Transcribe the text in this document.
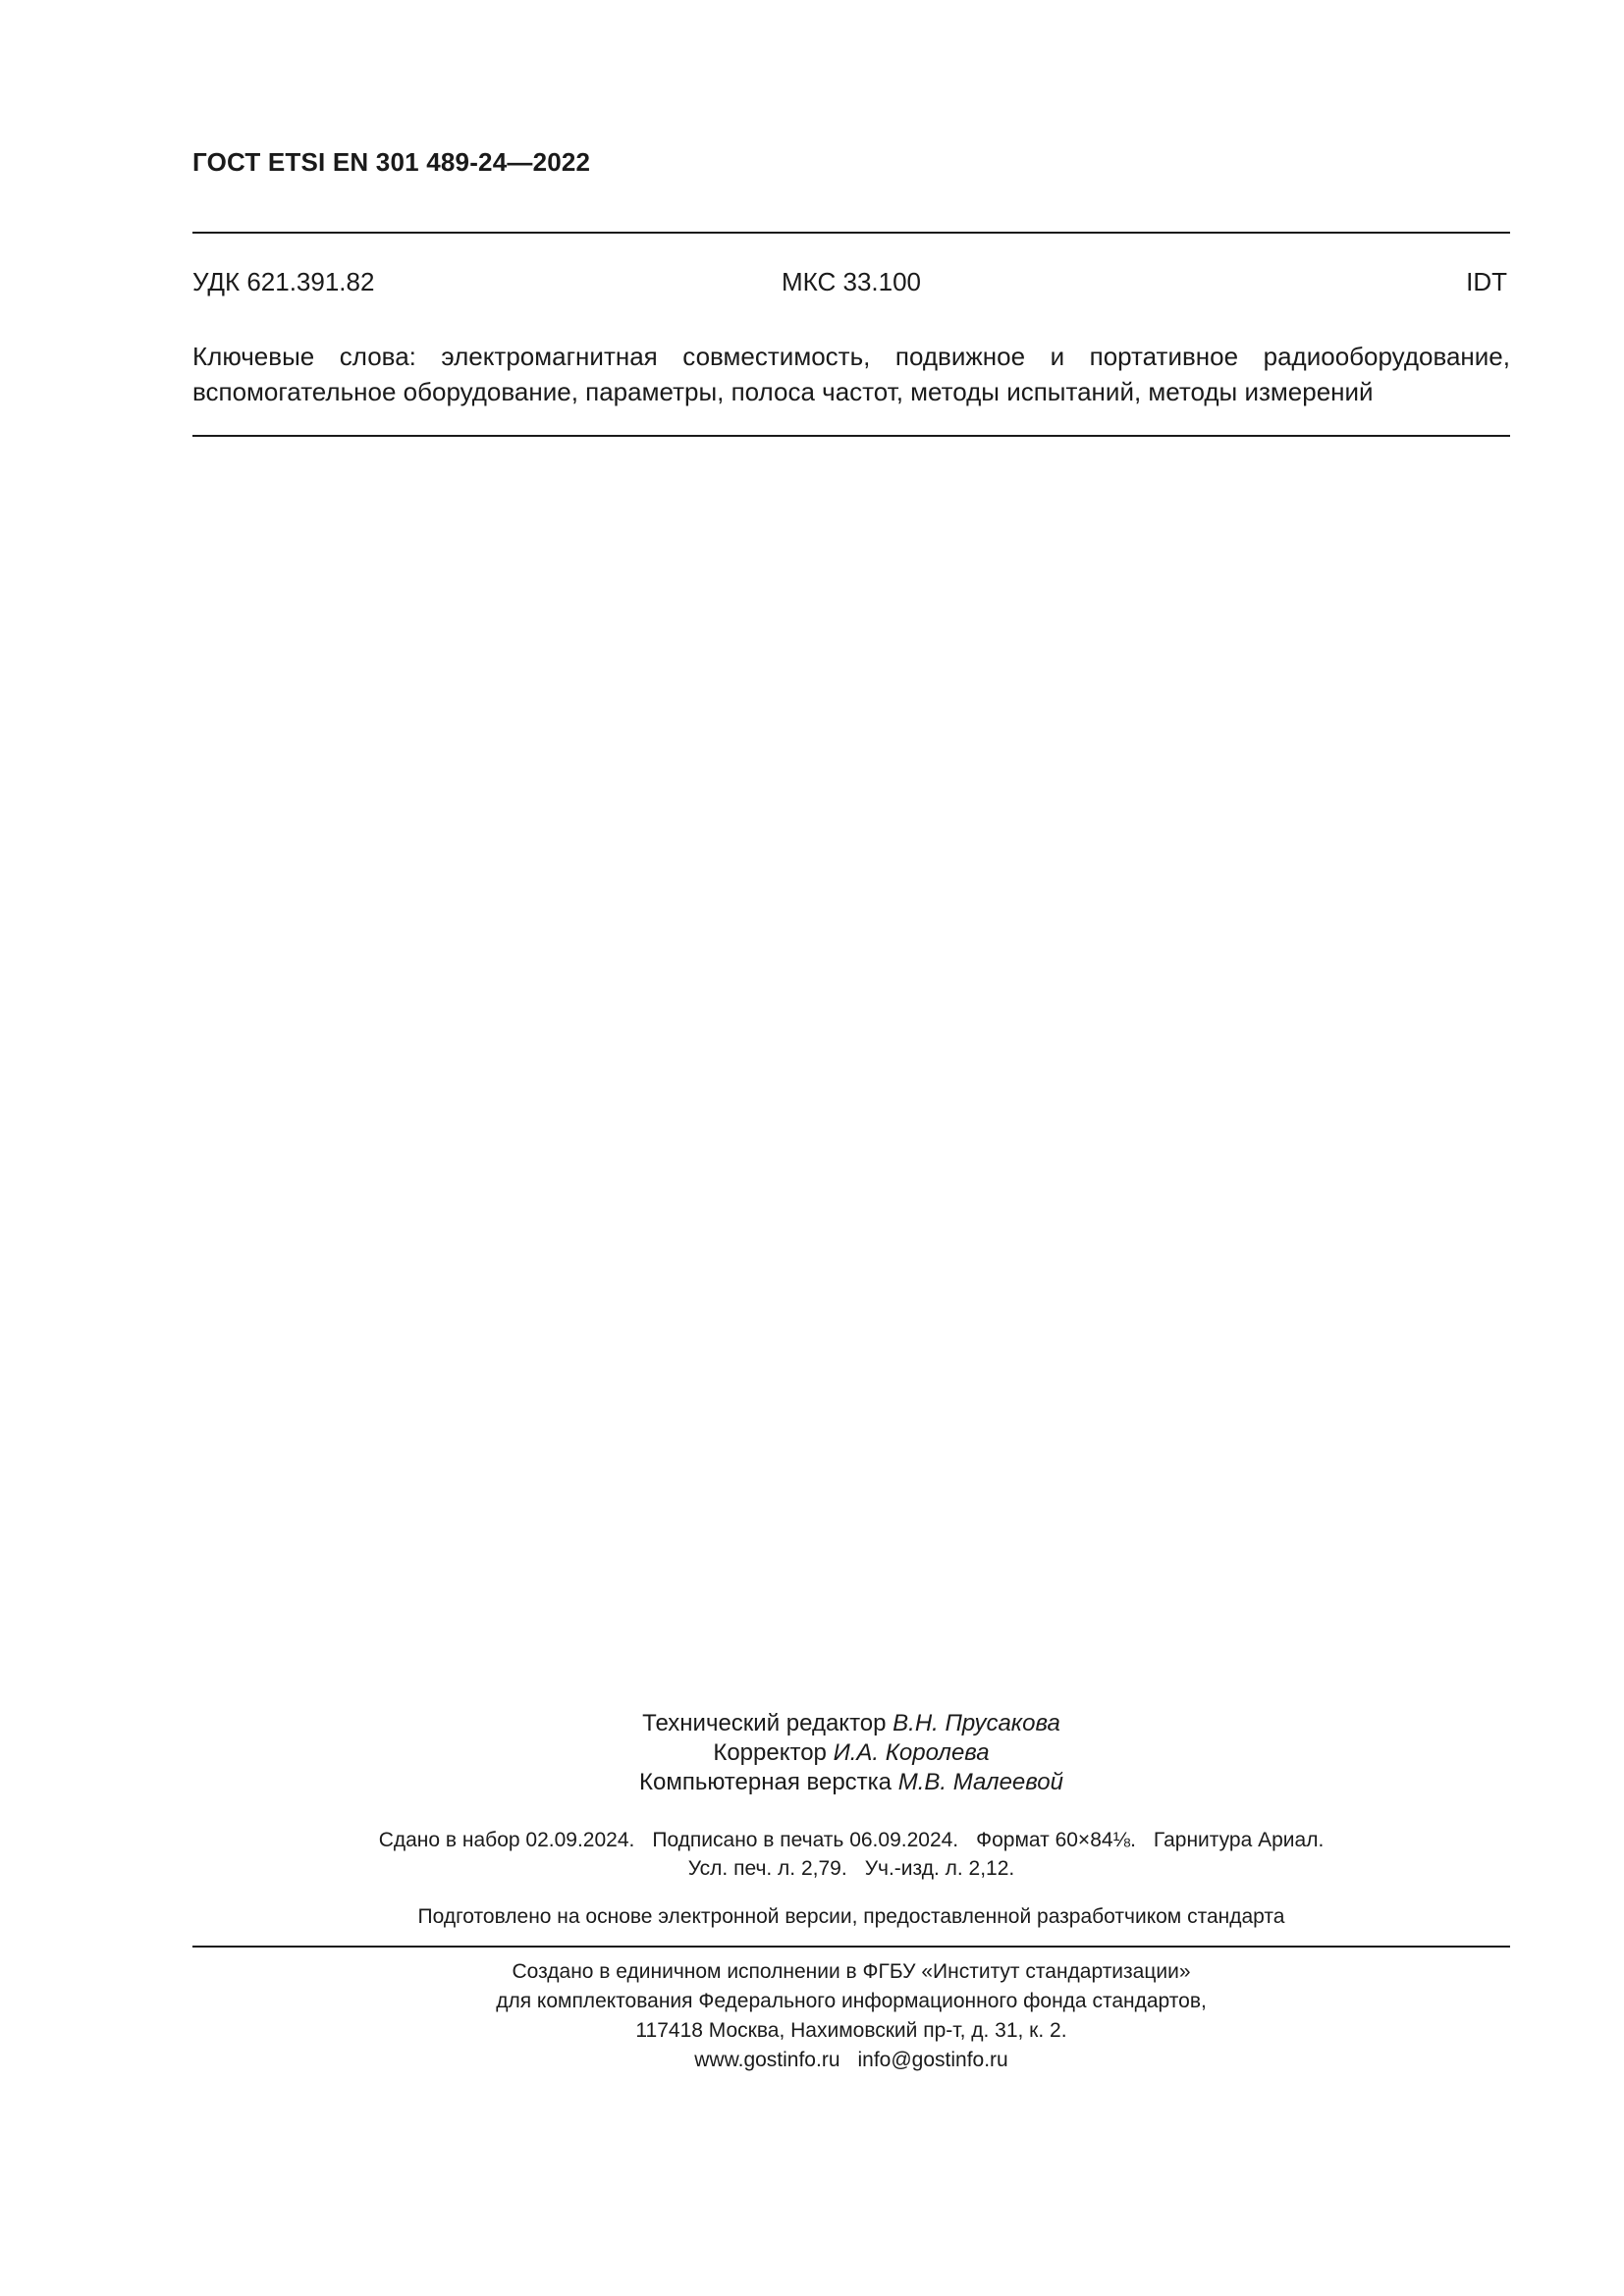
ГОСТ ETSI EN 301 489-24—2022
УДК 621.391.82	МКС 33.100	IDT
Ключевые слова: электромагнитная совместимость, подвижное и портативное радиооборудование, вспомогательное оборудование, параметры, полоса частот, методы испытаний, методы измерений
Технический редактор В.Н. Прусакова
Корректор И.А. Королева
Компьютерная верстка М.В. Малеевой
Сдано в набор 02.09.2024. Подписано в печать 06.09.2024. Формат 60×84⅛. Гарнитура Ариал.
Усл. печ. л. 2,79. Уч.-изд. л. 2,12.
Подготовлено на основе электронной версии, предоставленной разработчиком стандарта
Создано в единичном исполнении в ФГБУ «Институт стандартизации»
для комплектования Федерального информационного фонда стандартов,
117418 Москва, Нахимовский пр-т, д. 31, к. 2.
www.gostinfo.ru info@gostinfo.ru
